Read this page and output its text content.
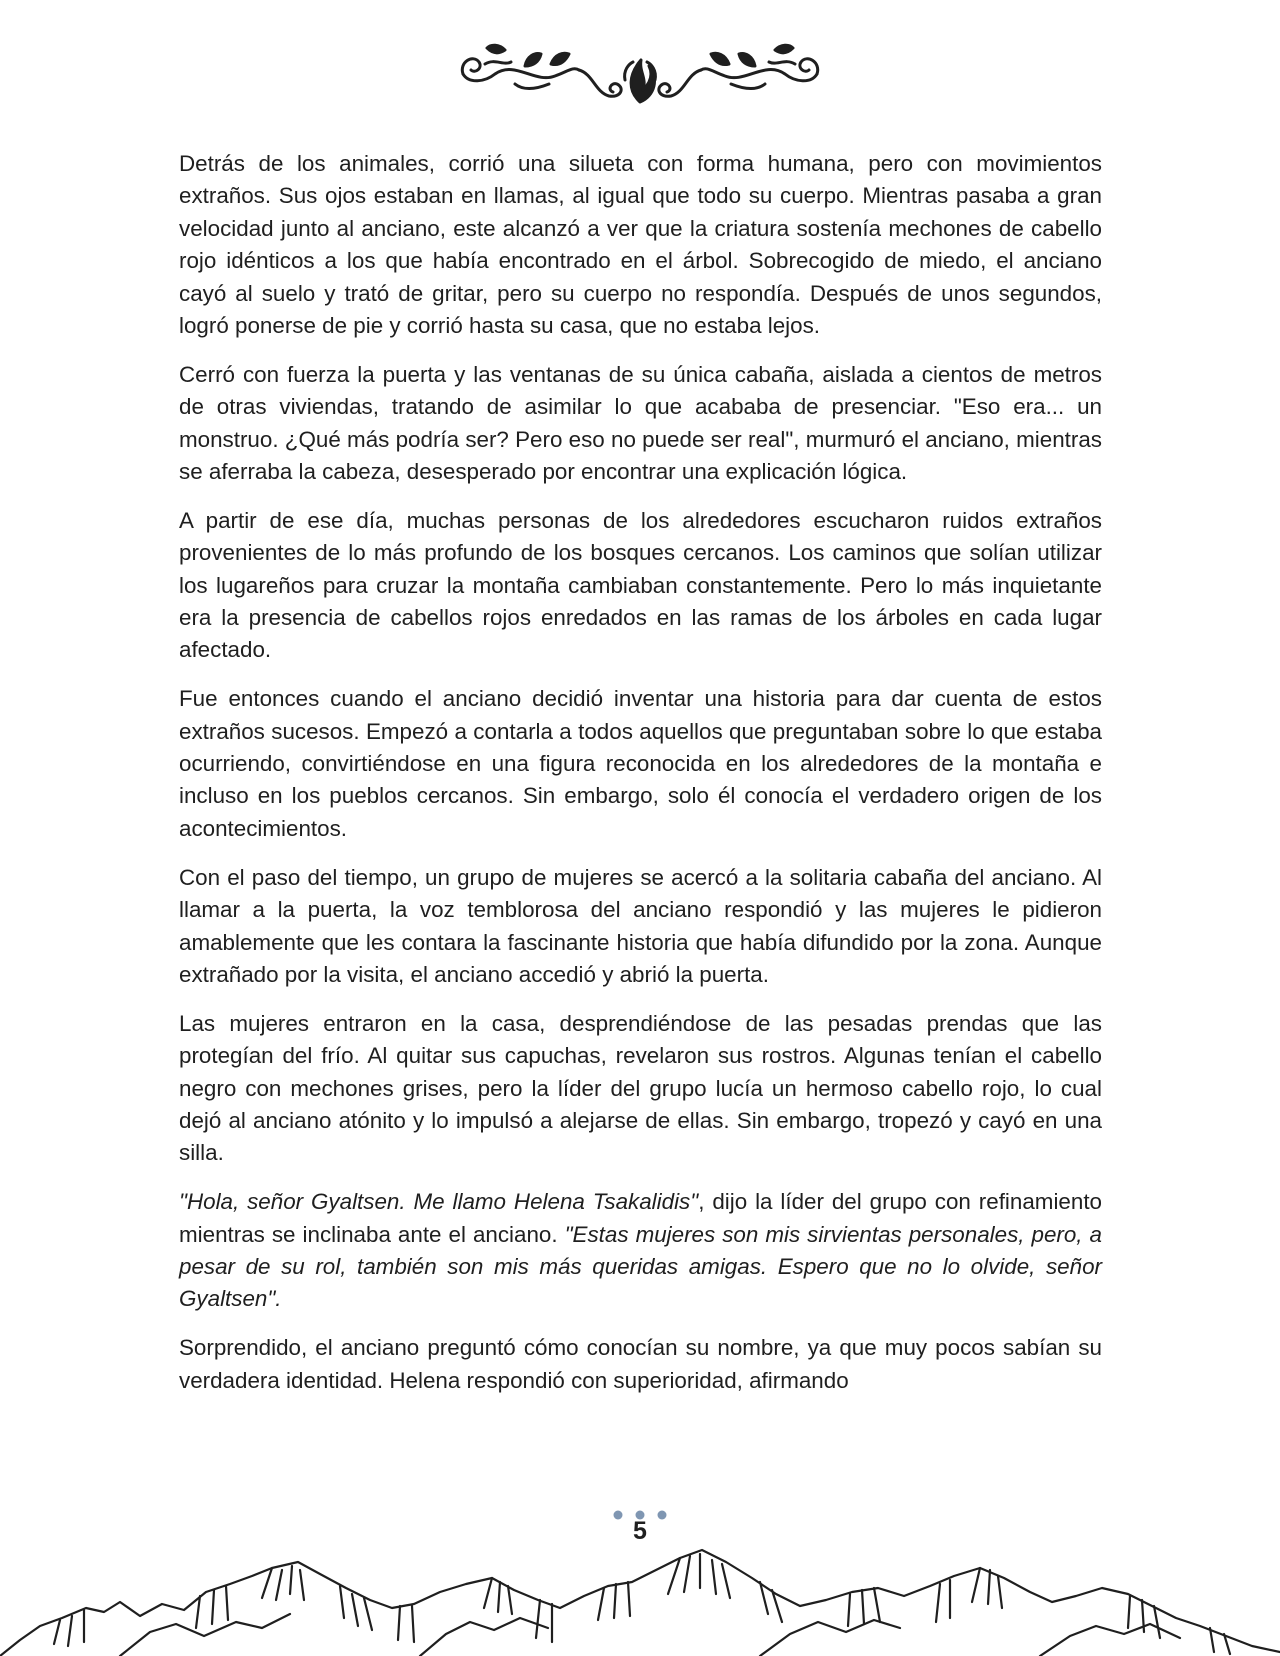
Detrás de los animales, corrió una silueta con forma humana, pero con movimientos extraños. Sus ojos estaban en llamas, al igual que todo su cuerpo. Mientras pasaba a gran velocidad junto al anciano, este alcanzó a ver que la criatura sostenía mechones de cabello rojo idénticos a los que había encontrado en el árbol. Sobrecogido de miedo, el anciano cayó al suelo y trató de gritar, pero su cuerpo no respondía. Después de unos segundos, logró ponerse de pie y corrió hasta su casa, que no estaba lejos.

Cerró con fuerza la puerta y las ventanas de su única cabaña, aislada a cientos de metros de otras viviendas, tratando de asimilar lo que acababa de presenciar. "Eso era... un monstruo. ¿Qué más podría ser? Pero eso no puede ser real", murmuró el anciano, mientras se aferraba la cabeza, desesperado por encontrar una explicación lógica.

A partir de ese día, muchas personas de los alrededores escucharon ruidos extraños provenientes de lo más profundo de los bosques cercanos. Los caminos que solían utilizar los lugareños para cruzar la montaña cambiaban constantemente. Pero lo más inquietante era la presencia de cabellos rojos enredados en las ramas de los árboles en cada lugar afectado.

Fue entonces cuando el anciano decidió inventar una historia para dar cuenta de estos extraños sucesos. Empezó a contarla a todos aquellos que preguntaban sobre lo que estaba ocurriendo, convirtiéndose en una figura reconocida en los alrededores de la montaña e incluso en los pueblos cercanos. Sin embargo, solo él conocía el verdadero origen de los acontecimientos.

Con el paso del tiempo, un grupo de mujeres se acercó a la solitaria cabaña del anciano. Al llamar a la puerta, la voz temblorosa del anciano respondió y las mujeres le pidieron amablemente que les contara la fascinante historia que había difundido por la zona. Aunque extrañado por la visita, el anciano accedió y abrió la puerta.

Las mujeres entraron en la casa, desprendiéndose de las pesadas prendas que las protegían del frío. Al quitar sus capuchas, revelaron sus rostros. Algunas tenían el cabello negro con mechones grises, pero la líder del grupo lucía un hermoso cabello rojo, lo cual dejó al anciano atónito y lo impulsó a alejarse de ellas. Sin embargo, tropezó y cayó en una silla.

"Hola, señor Gyaltsen. Me llamo Helena Tsakalidis", dijo la líder del grupo con refinamiento mientras se inclinaba ante el anciano. "Estas mujeres son mis sirvientas personales, pero, a pesar de su rol, también son mis más queridas amigas. Espero que no lo olvide, señor Gyaltsen".

Sorprendido, el anciano preguntó cómo conocían su nombre, ya que muy pocos sabían su verdadera identidad. Helena respondió con superioridad, afirmando

5
